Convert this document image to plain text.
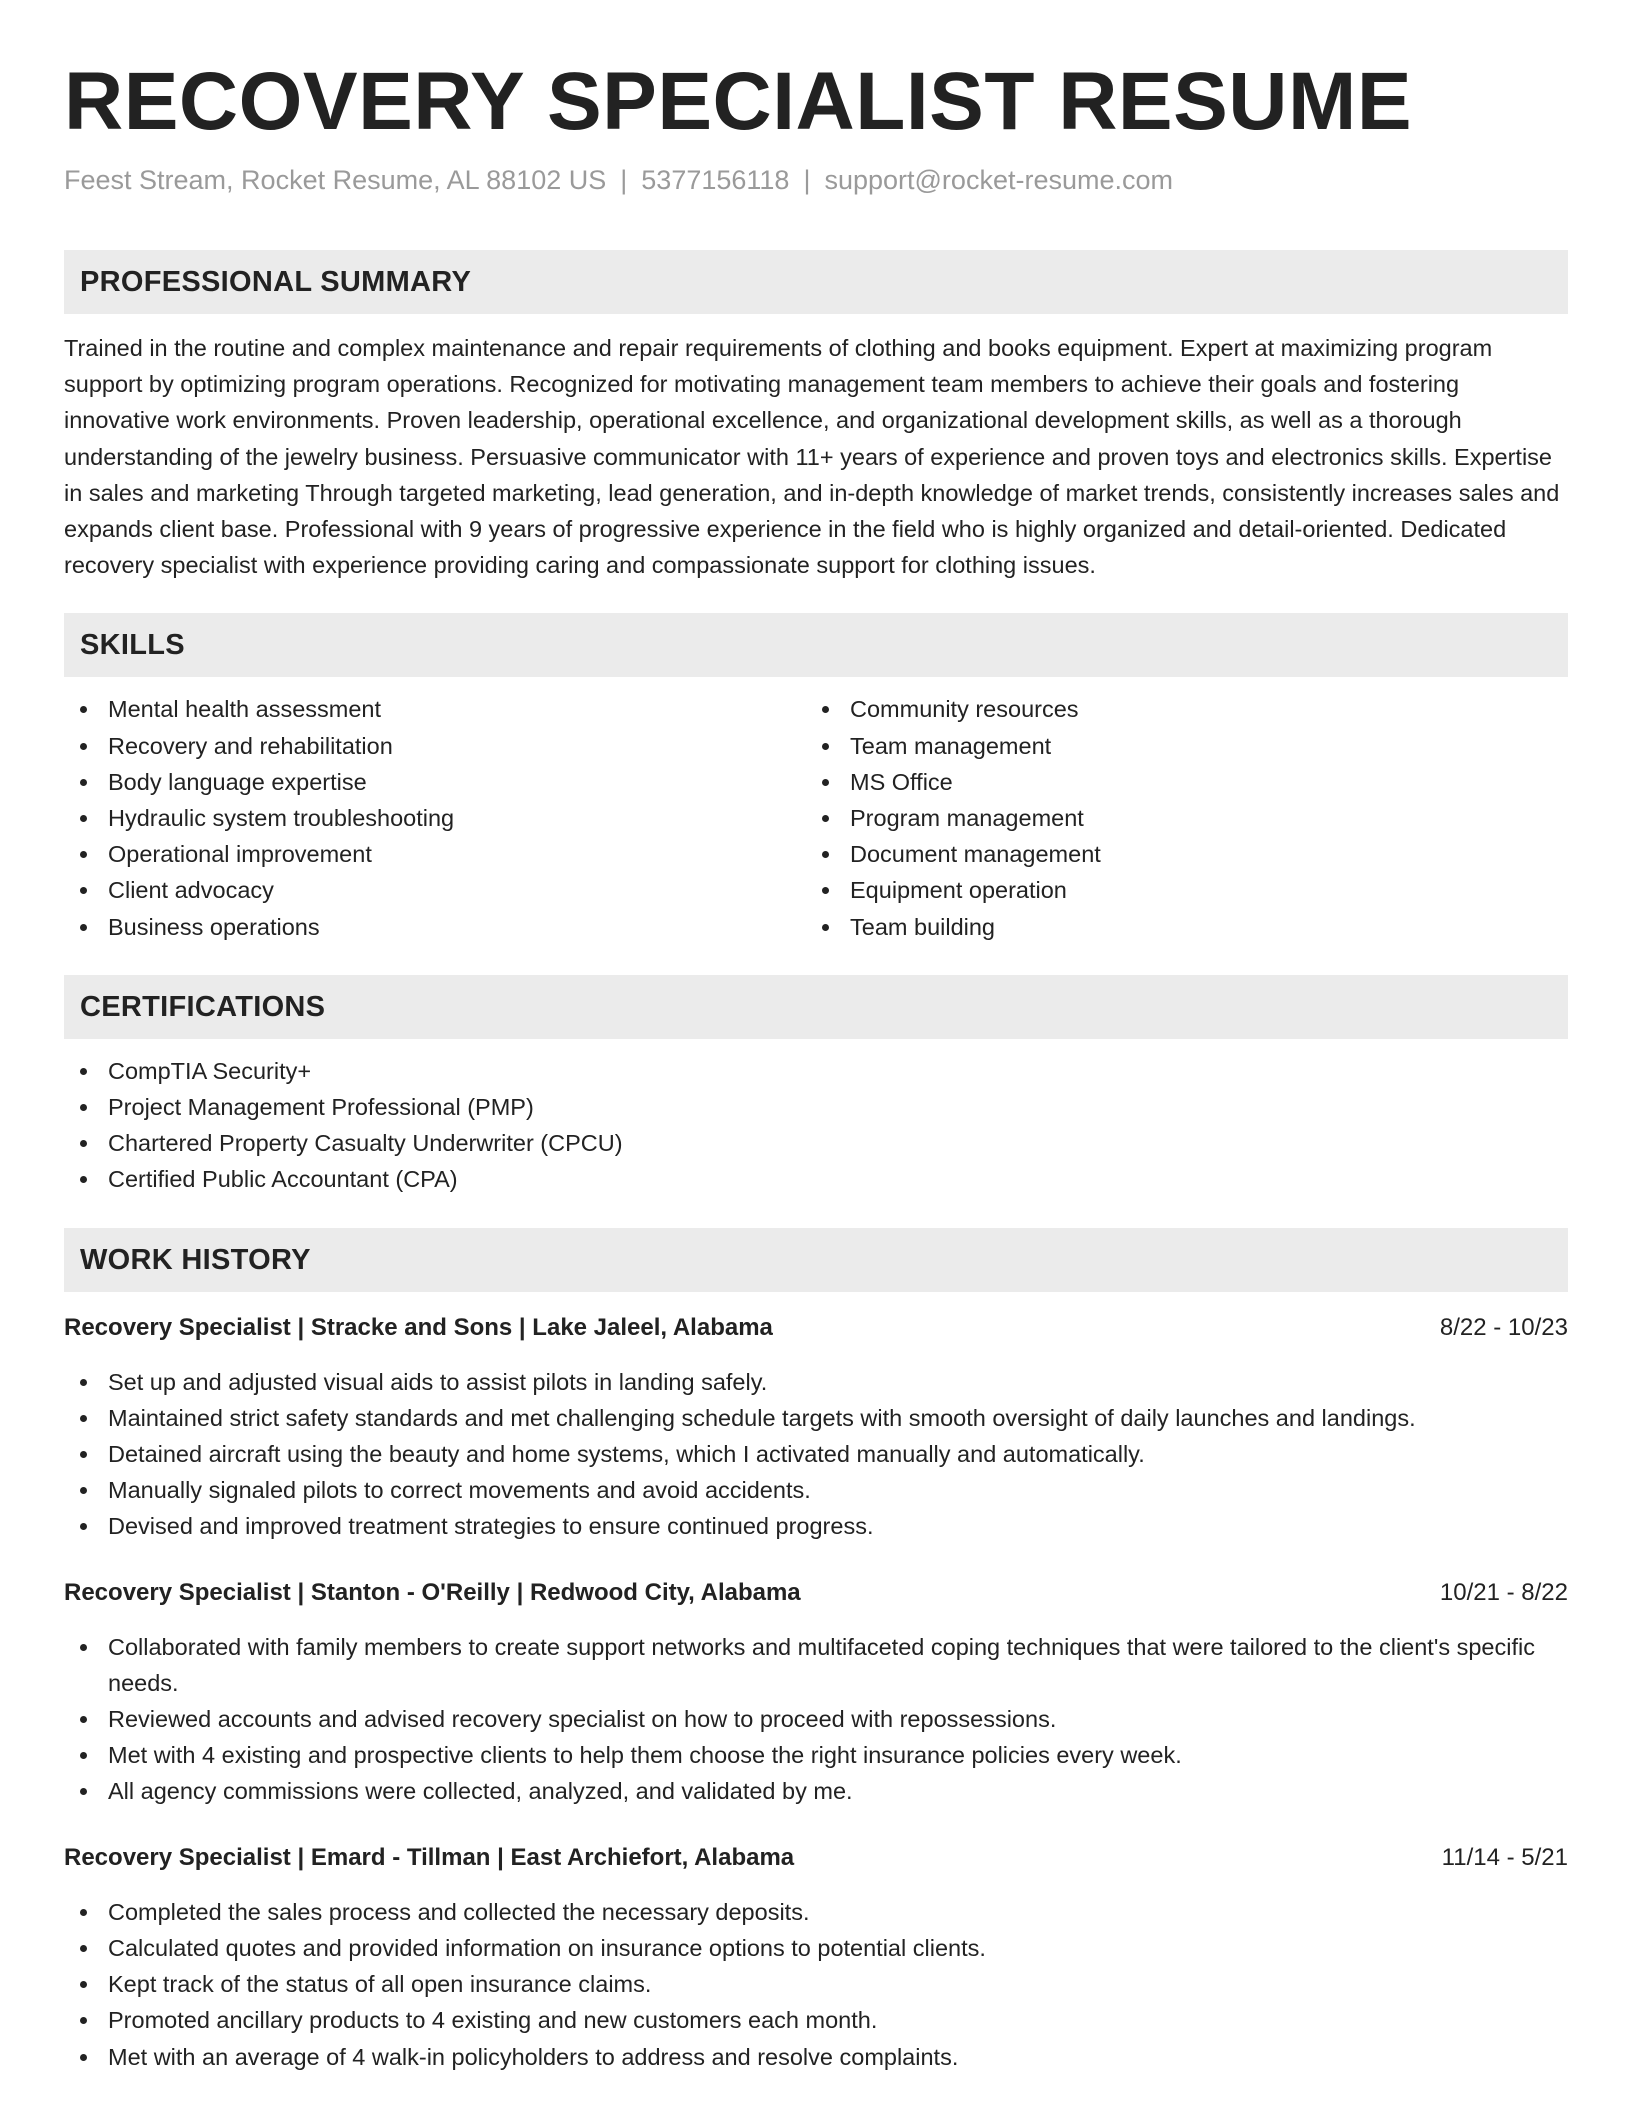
RECOVERY SPECIALIST RESUME
Feest Stream, Rocket Resume, AL 88102 US | 5377156118 | support@rocket-resume.com
PROFESSIONAL SUMMARY
Trained in the routine and complex maintenance and repair requirements of clothing and books equipment. Expert at maximizing program support by optimizing program operations. Recognized for motivating management team members to achieve their goals and fostering innovative work environments. Proven leadership, operational excellence, and organizational development skills, as well as a thorough understanding of the jewelry business. Persuasive communicator with 11+ years of experience and proven toys and electronics skills. Expertise in sales and marketing Through targeted marketing, lead generation, and in-depth knowledge of market trends, consistently increases sales and expands client base. Professional with 9 years of progressive experience in the field who is highly organized and detail-oriented. Dedicated recovery specialist with experience providing caring and compassionate support for clothing issues.
SKILLS
Mental health assessment
Recovery and rehabilitation
Body language expertise
Hydraulic system troubleshooting
Operational improvement
Client advocacy
Business operations
Community resources
Team management
MS Office
Program management
Document management
Equipment operation
Team building
CERTIFICATIONS
CompTIA Security+
Project Management Professional (PMP)
Chartered Property Casualty Underwriter (CPCU)
Certified Public Accountant (CPA)
WORK HISTORY
Recovery Specialist | Stracke and Sons | Lake Jaleel, Alabama	8/22 - 10/23
Set up and adjusted visual aids to assist pilots in landing safely.
Maintained strict safety standards and met challenging schedule targets with smooth oversight of daily launches and landings.
Detained aircraft using the beauty and home systems, which I activated manually and automatically.
Manually signaled pilots to correct movements and avoid accidents.
Devised and improved treatment strategies to ensure continued progress.
Recovery Specialist | Stanton - O'Reilly | Redwood City, Alabama	10/21 - 8/22
Collaborated with family members to create support networks and multifaceted coping techniques that were tailored to the client's specific needs.
Reviewed accounts and advised recovery specialist on how to proceed with repossessions.
Met with 4 existing and prospective clients to help them choose the right insurance policies every week.
All agency commissions were collected, analyzed, and validated by me.
Recovery Specialist | Emard - Tillman | East Archiefort, Alabama	11/14 - 5/21
Completed the sales process and collected the necessary deposits.
Calculated quotes and provided information on insurance options to potential clients.
Kept track of the status of all open insurance claims.
Promoted ancillary products to 4 existing and new customers each month.
Met with an average of 4 walk-in policyholders to address and resolve complaints.
